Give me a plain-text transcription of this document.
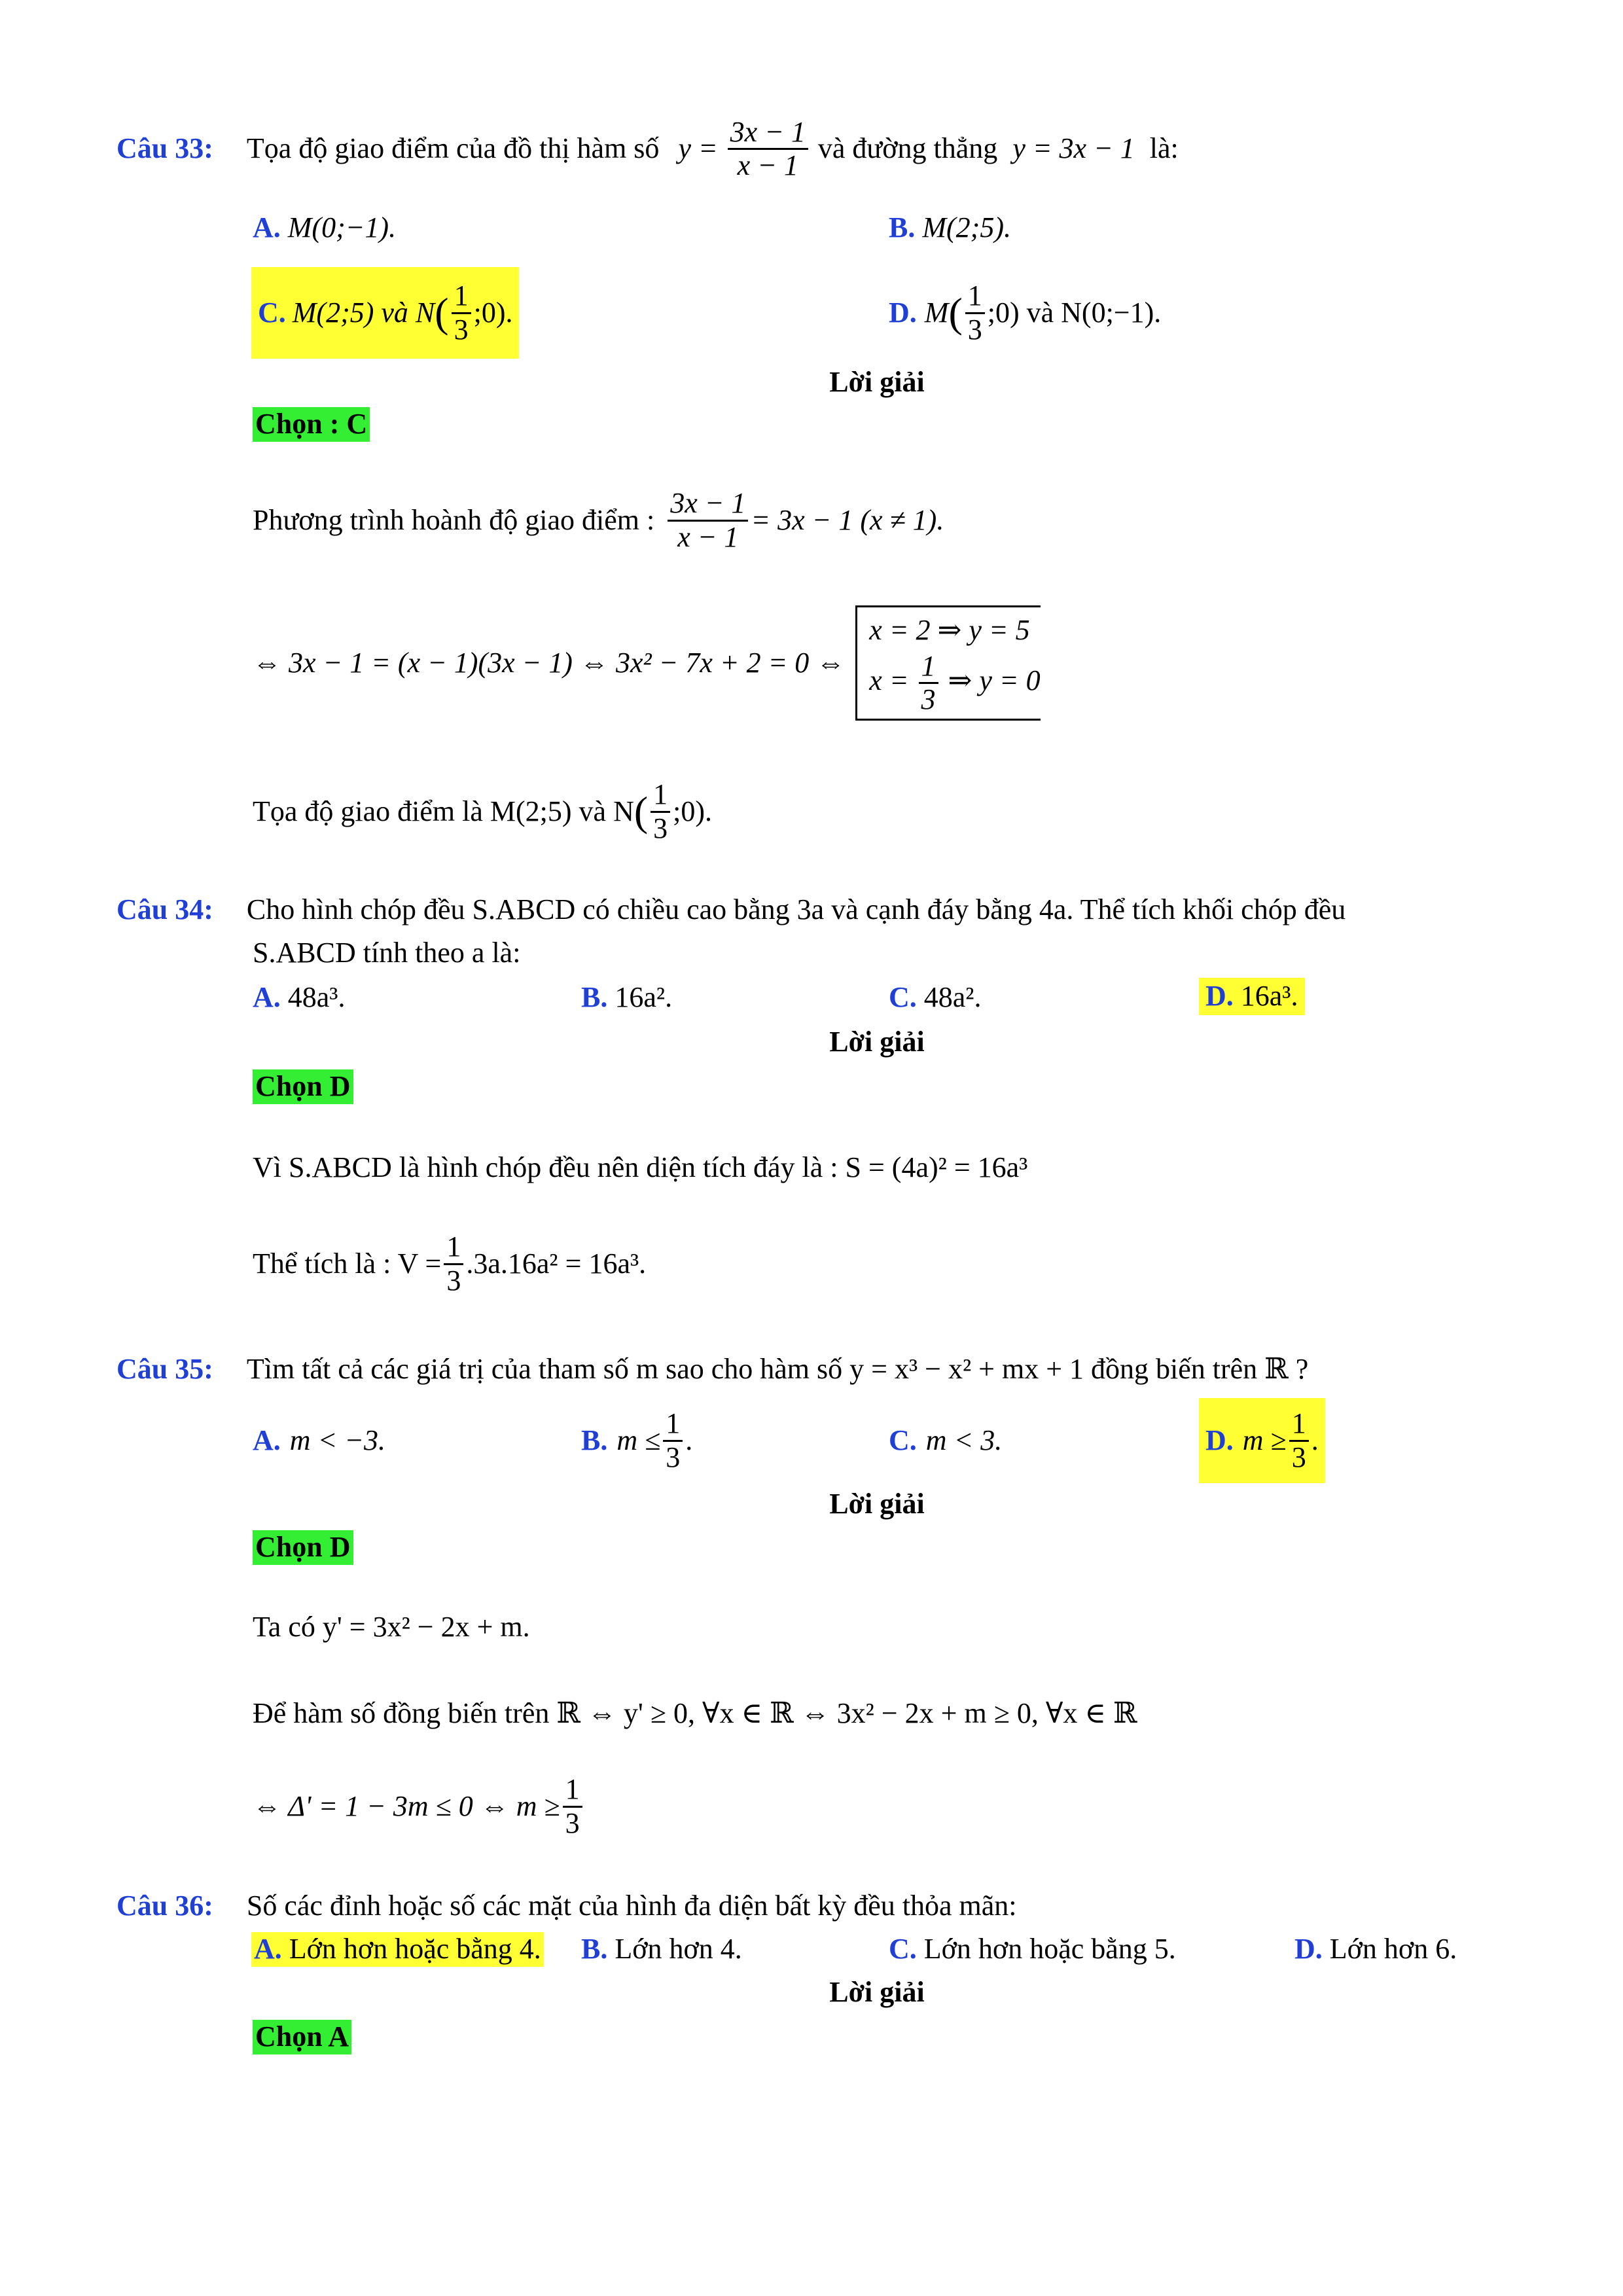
Câu 33: Tọa độ giao điểm của đồ thị hàm số $y = \frac{3x - 1}{x - 1}$ và đường thẳng y = 3x − 1 là:
A. M(0;−1).	B. M(2;5).
C. M(2;5) và N ( $\frac{1}{3}$ ;0).	D. M ( $\frac{1}{3}$ ;0) và N(0;−1).
Lời giải
Chọn : C
Phương trình hoành độ giao điểm : $\frac{3x - 1}{x - 1} = 3x - 1$ (x ≠ 1).
⇔ 3x − 1 = (x − 1)(3x − 1) ⇔ 3x² − 7x + 2 = 0 ⇔
x = 2 ⇒ y = 5
$x = \frac{1}{3}$ ⇒ y = 0
Tọa độ giao điểm là M(2;5) và N ( $\frac{1}{3}$ ;0).
Câu 34: Cho hình chóp đều S.ABCD có chiều cao bằng 3a và cạnh đáy bằng 4a. Thể tích khối chóp đều
S.ABCD tính theo a là:
A. 48a³.	B. 16a².	C. 48a².	D. 16a³.
Lời giải
Chọn D
Vì S.ABCD là hình chóp đều nên diện tích đáy là : S = (4a)² = 16a³
Thể tích là : $V = \frac{1}{3} .3a.16a^2 = 16a^3$.
Câu 35: Tìm tất cả các giá trị của tham số m sao cho hàm số y = x³ − x² + mx + 1 đồng biến trên ℝ ?
A. m < −3.	B. $m \le \frac{1}{3}$ .	C. m < 3.	D. $m \ge \frac{1}{3}$ .
Lời giải
Chọn D
Ta có y' = 3x² − 2x + m.
Để hàm số đồng biến trên ℝ ⇔ y' ≥ 0, ∀x ∈ ℝ ⇔ 3x² − 2x + m ≥ 0, ∀x ∈ ℝ
⇔ Δ' = 1 − 3m ≤ 0 ⇔ $m \ge \frac{1}{3}$
Câu 36: Số các đỉnh hoặc số các mặt của hình đa diện bất kỳ đều thỏa mãn:
A. Lớn hơn hoặc bằng 4. B. Lớn hơn 4.	C. Lớn hơn hoặc bằng 5.	D. Lớn hơn 6.
Lời giải
Chọn A
